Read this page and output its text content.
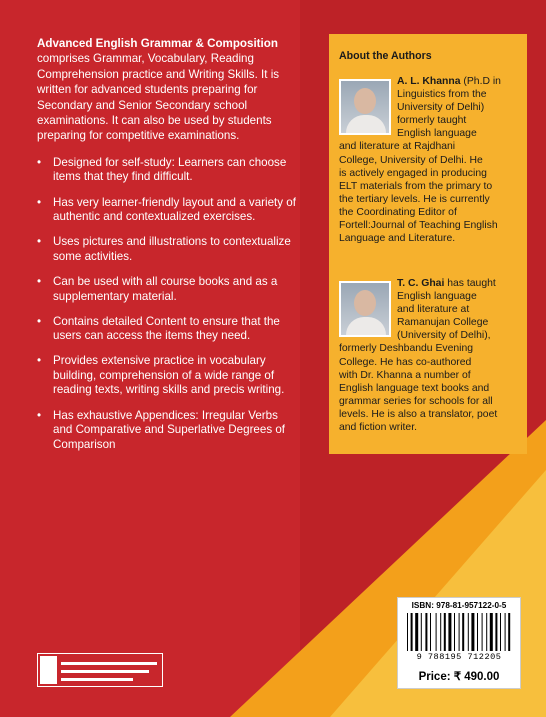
Advanced English Grammar & Composition comprises Grammar, Vocabulary, Reading Comprehension practice and Writing Skills. It is written for advanced students preparing for Secondary and Senior Secondary school examinations. It can also be used by students preparing for competitive examinations.

• Designed for self-study: Learners can choose items that they find difficult.
• Has very learner-friendly layout and a variety of authentic and contextualized exercises.
• Uses pictures and illustrations to contextualize some activities.
• Can be used with all course books and as a supplementary material.
• Contains detailed Content to ensure that the users can access the items they need.
• Provides extensive practice in vocabulary building, comprehension of a wide range of reading texts, writing skills and precis writing.
• Has exhaustive Appendices: Irregular Verbs and Comparative and Superlative Degrees of Comparison
About the Authors
A. L. Khanna (Ph.D in
Linguistics from the
University of Delhi)
formerly taught
English language
and literature at Rajdhani
College, University of Delhi. He
is actively engaged in producing
ELT materials from the primary to
the tertiary levels. He is currently
the Coordinating Editor of
Fortell:Journal of Teaching English
Language and Literature.
T. C. Ghai has taught
English language
and literature at
Ramanujan College
(University of Delhi),
formerly Deshbandu Evening
College. He has co-authored
with Dr. Khanna a number of
English language text books and
grammar series for schools for all
levels. He is also a translator, poet
and fiction writer.
ISBN: 978-81-957122-0-5
9 788195 712205
Price: ₹ 490.00
